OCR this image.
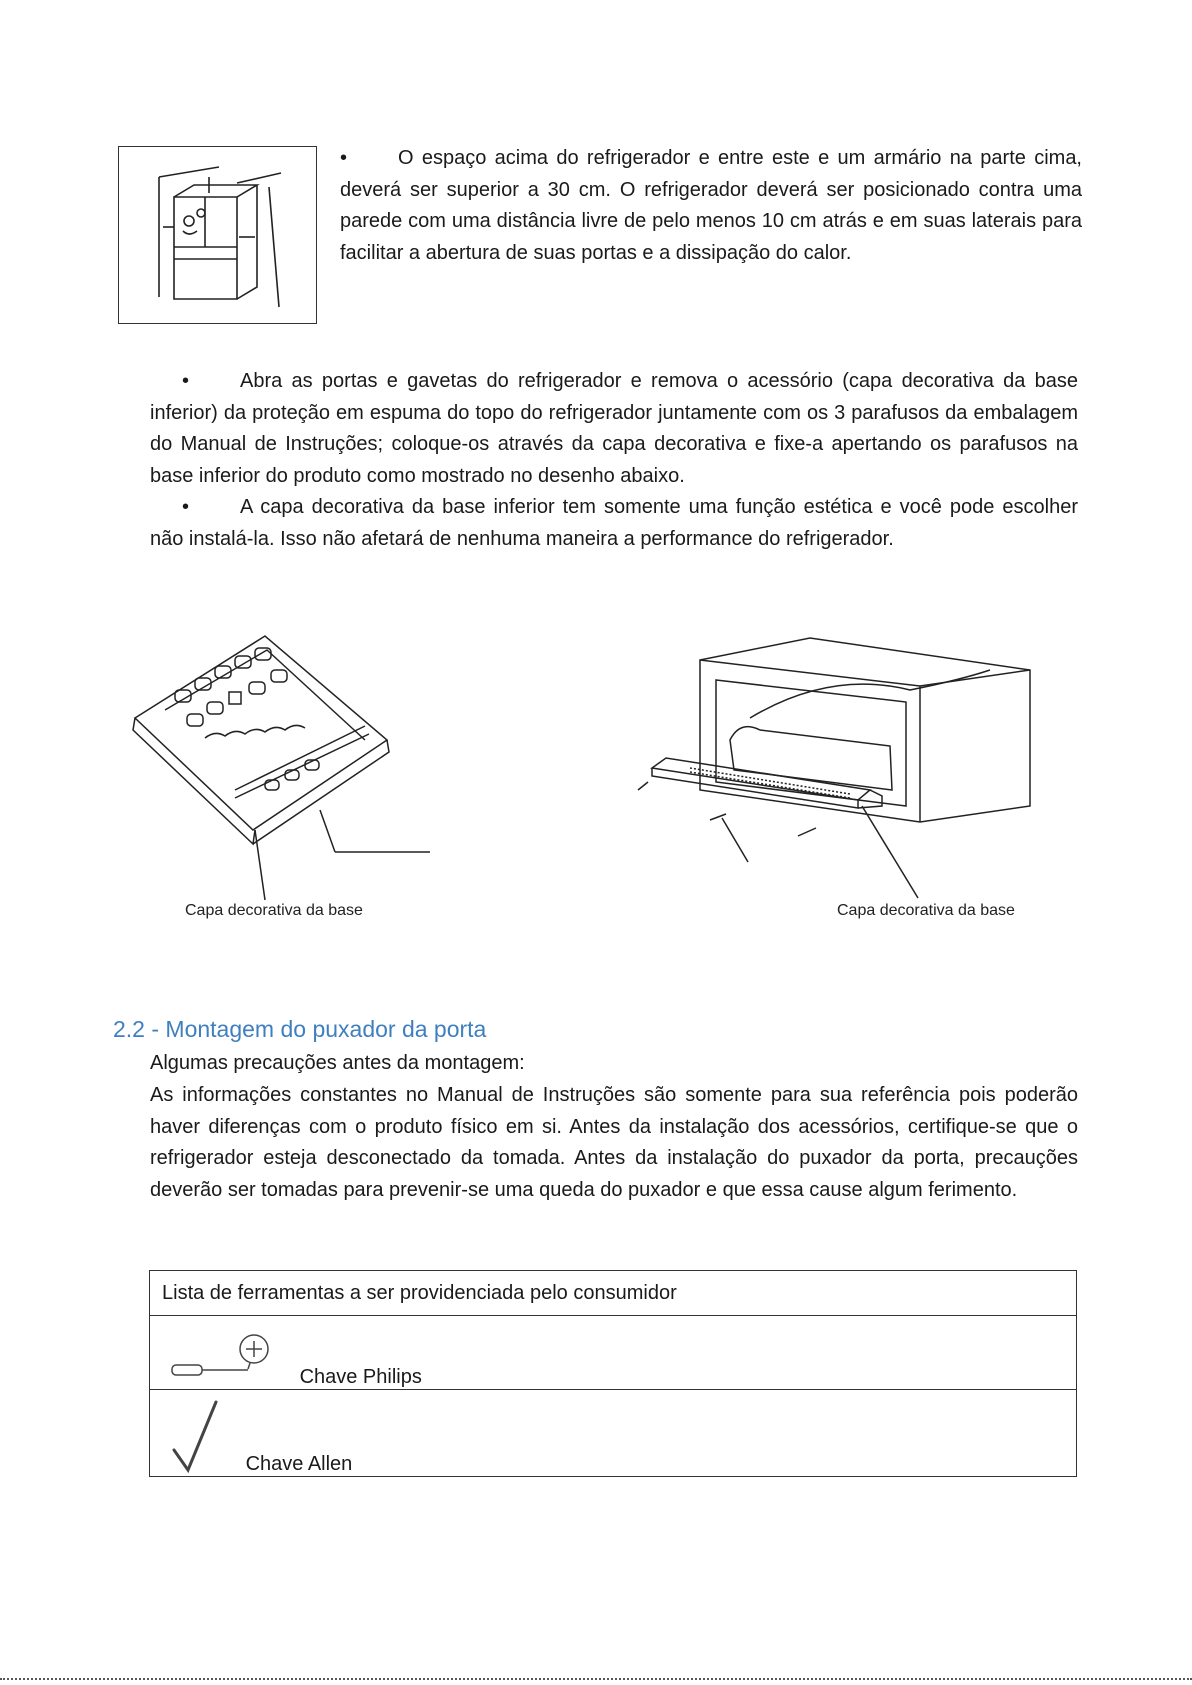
•	O espaço acima do refrigerador e entre este e um armário na parte cima, deverá ser superior a 30 cm. O refrigerador deverá ser posicionado contra uma parede com uma distância livre de pelo menos 10 cm atrás e em suas laterais para facilitar a abertura de suas portas e a dissipação do calor.
•	Abra as portas e gavetas do refrigerador e remova o acessório (capa decorativa da base inferior) da proteção em espuma do topo do refrigerador juntamente com os 3 parafusos da embalagem do Manual de Instruções; coloque-os através da capa decorativa e fixe-a apertando os parafusos na base inferior do produto como mostrado no desenho abaixo.
•	A capa decorativa da base inferior tem somente uma função estética e você pode escolher não instalá-la. Isso não afetará de nenhuma maneira a performance do refrigerador.
Capa decorativa da base	Capa decorativa da base
2.2 - Montagem do puxador da porta
Algumas precauções antes da montagem:
As informações constantes no Manual de Instruções são somente para sua referência pois poderão haver diferenças com o produto físico em si. Antes da instalação dos acessórios, certifique-se que o refrigerador esteja desconectado da tomada. Antes da instalação do puxador da porta, precauções deverão ser tomadas para prevenir-se uma queda do puxador e que essa cause algum ferimento.
Lista de ferramentas a ser providenciada pelo consumidor
Chave Philips
Chave Allen
